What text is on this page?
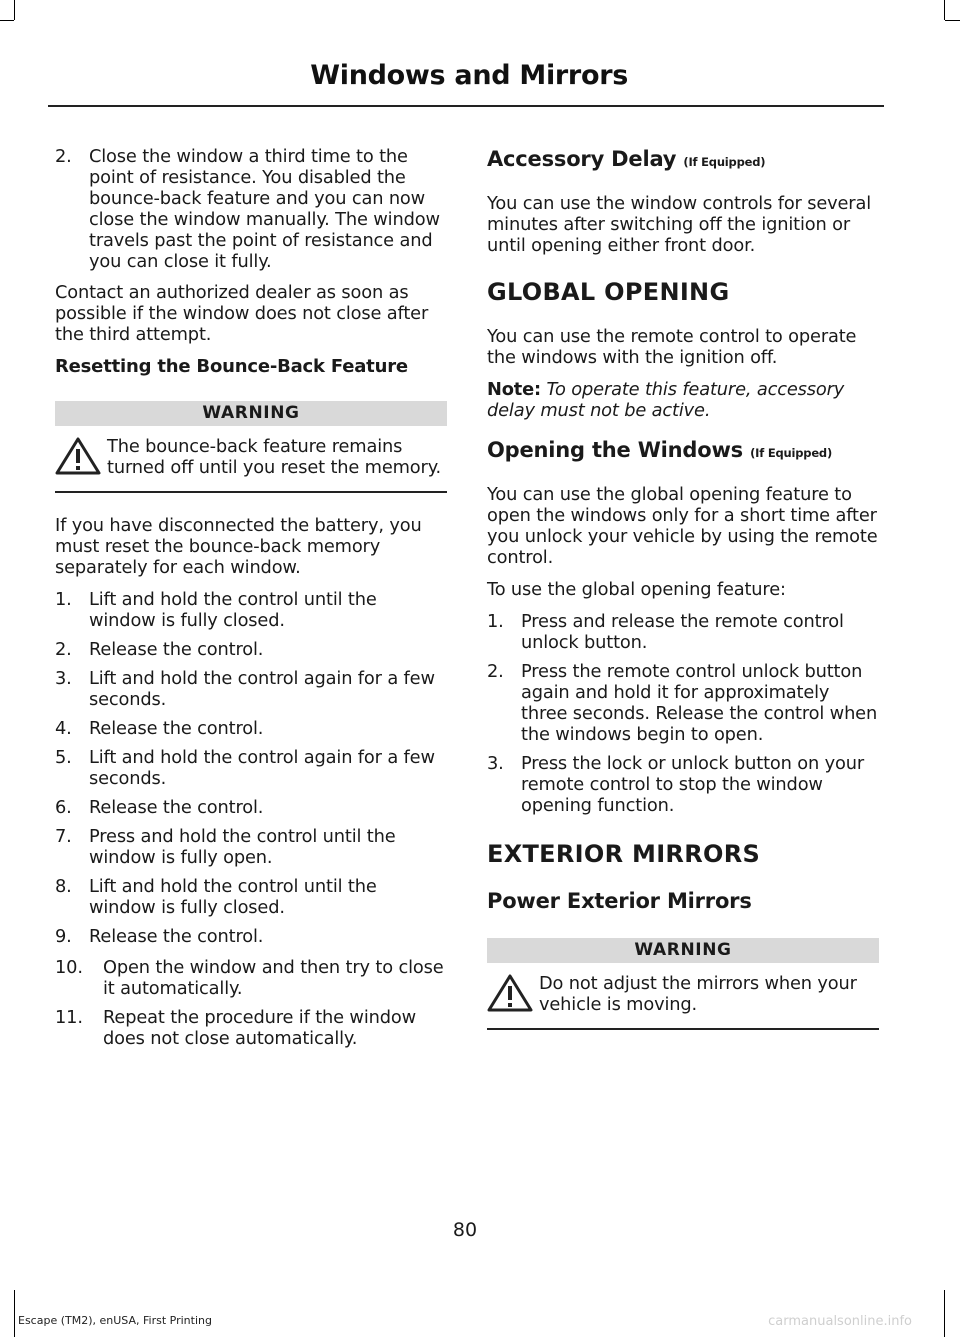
Windows and Mirrors
2. Close the window a third time to the point of resistance. You disabled the bounce-back feature and you can now close the window manually. The window travels past the point of resistance and you can close it fully.

Contact an authorized dealer as soon as possible if the window does not close after the third attempt.

Resetting the Bounce-Back Feature
WARNING
The bounce-back feature remains turned off until you reset the memory.

If you have disconnected the battery, you must reset the bounce-back memory separately for each window.

1. Lift and hold the control until the window is fully closed.
2. Release the control.
3. Lift and hold the control again for a few seconds.
4. Release the control.
5. Lift and hold the control again for a few seconds.
6. Release the control.
7. Press and hold the control until the window is fully open.
8. Lift and hold the control until the window is fully closed.
9. Release the control.
10.	Open the window and then try to close it automatically.
11.	Repeat the procedure if the window does not close automatically.
Accessory Delay (If Equipped)

You can use the window controls for several minutes after switching off the ignition or until opening either front door.

GLOBAL OPENING

You can use the remote control to operate the windows with the ignition off.

Note: To operate this feature, accessory delay must not be active.

Opening the Windows (If Equipped)

You can use the global opening feature to open the windows only for a short time after you unlock your vehicle by using the remote control.

To use the global opening feature:

1. Press and release the remote control unlock button.
2. Press the remote control unlock button again and hold it for approximately three seconds. Release the control when the windows begin to open.
3. Press the lock or unlock button on your remote control to stop the window opening function.
EXTERIOR MIRRORS
Power Exterior Mirrors
WARNING
Do not adjust the mirrors when your vehicle is moving.
80
Escape (TM2), enUSA, First Printing	carmanualsonline.info
